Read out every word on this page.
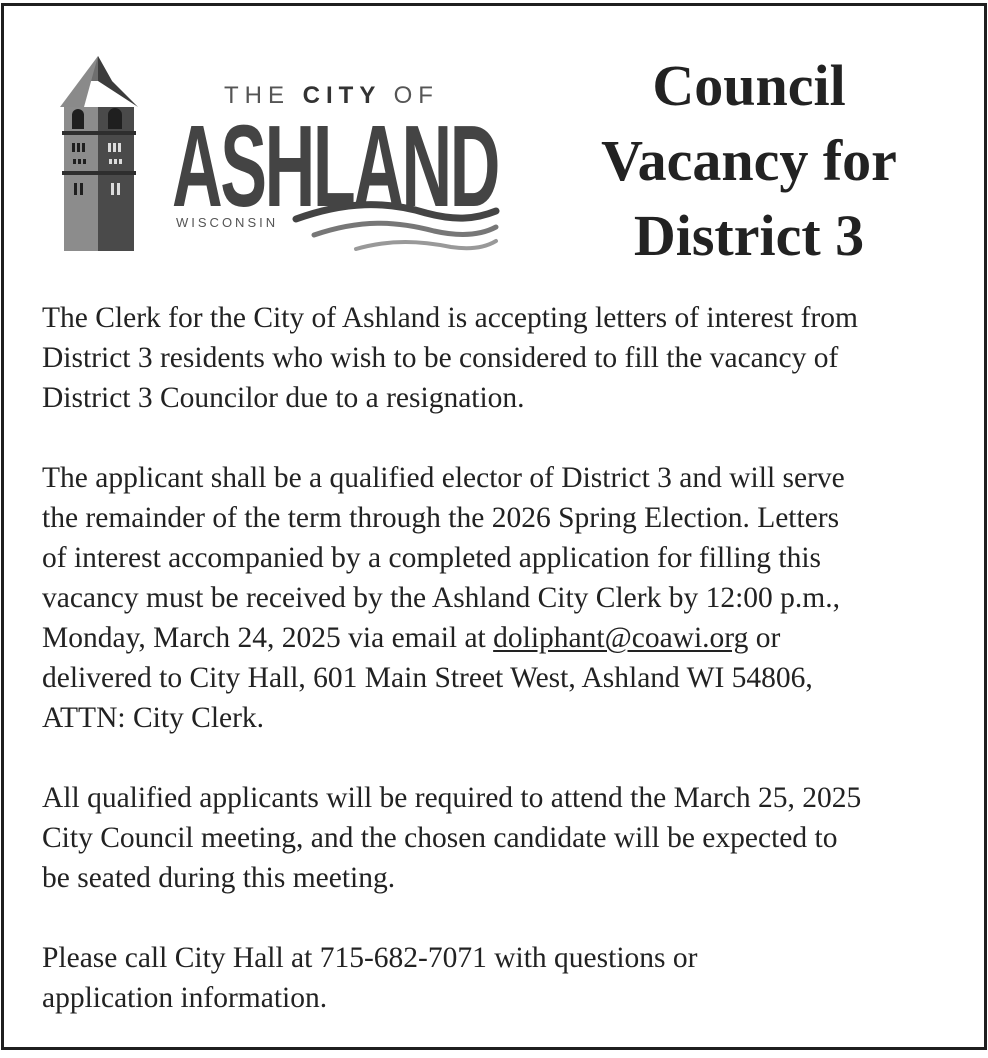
THE CITY OF
ASHLAND
WISCONSIN
Council
Vacancy for
District 3

The Clerk for the City of Ashland is accepting letters of interest from
District 3 residents who wish to be considered to fill the vacancy of
District 3 Councilor due to a resignation.

The applicant shall be a qualified elector of District 3 and will serve
the remainder of the term through the 2026 Spring Election. Letters
of interest accompanied by a completed application for filling this
vacancy must be received by the Ashland City Clerk by 12:00 p.m.,
Monday, March 24, 2025 via email at doliphant@coawi.org or
delivered to City Hall, 601 Main Street West, Ashland WI 54806,
ATTN: City Clerk.

All qualified applicants will be required to attend the March 25, 2025
City Council meeting, and the chosen candidate will be expected to
be seated during this meeting.

Please call City Hall at 715-682-7071 with questions or
application information.
